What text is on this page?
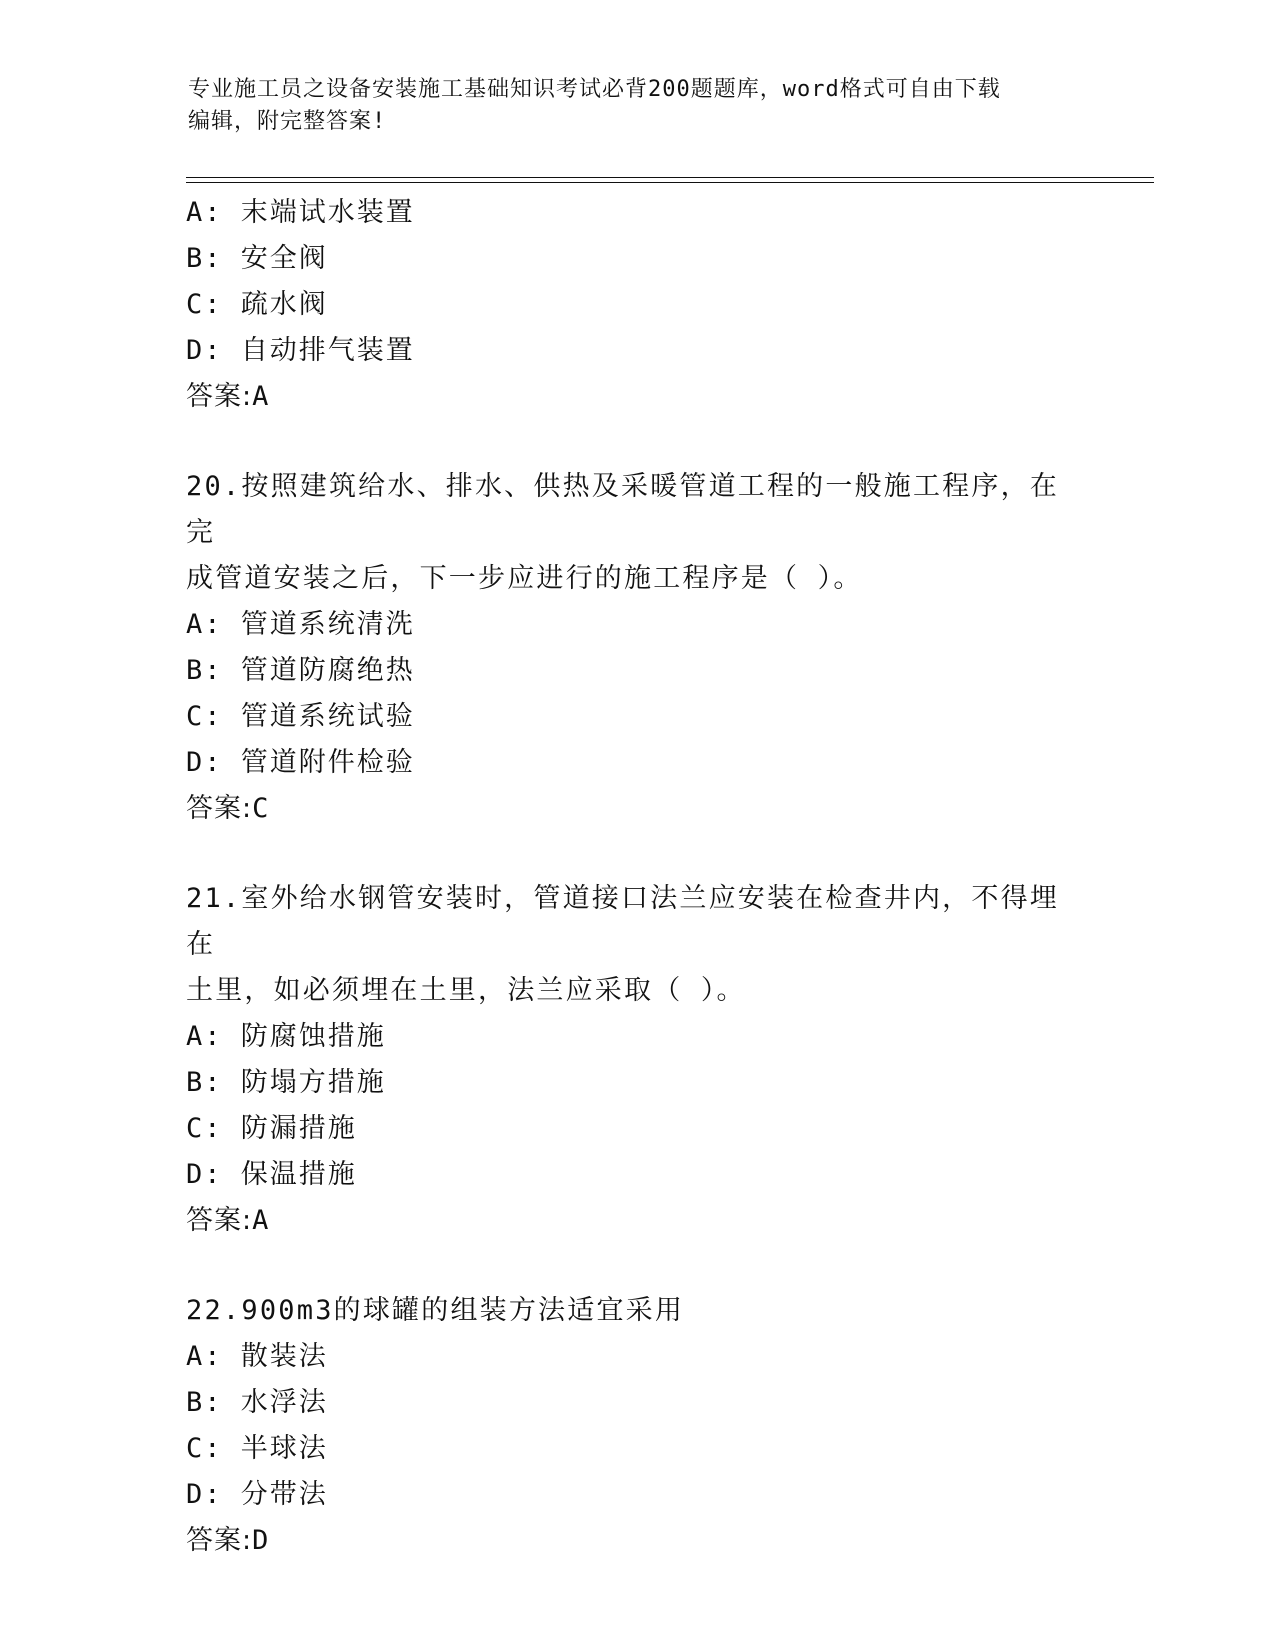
专业施工员之设备安装施工基础知识考试必背200题题库，word格式可自由下载
编辑，附完整答案!
A: 末端试水装置
B: 安全阀
C: 疏水阀
D: 自动排气装置
答案:A
20.按照建筑给水、排水、供热及采暖管道工程的一般施工程序，在完
成管道安装之后，下一步应进行的施工程序是（ ）。
A: 管道系统清洗
B: 管道防腐绝热
C: 管道系统试验
D: 管道附件检验
答案:C
21.室外给水钢管安装时，管道接口法兰应安装在检查井内，不得埋在
土里，如必须埋在土里，法兰应采取（ ）。
A: 防腐蚀措施
B: 防塌方措施
C: 防漏措施
D: 保温措施
答案:A
22.900m3的球罐的组装方法适宜采用
A: 散装法
B: 水浮法
C: 半球法
D: 分带法
答案:D
